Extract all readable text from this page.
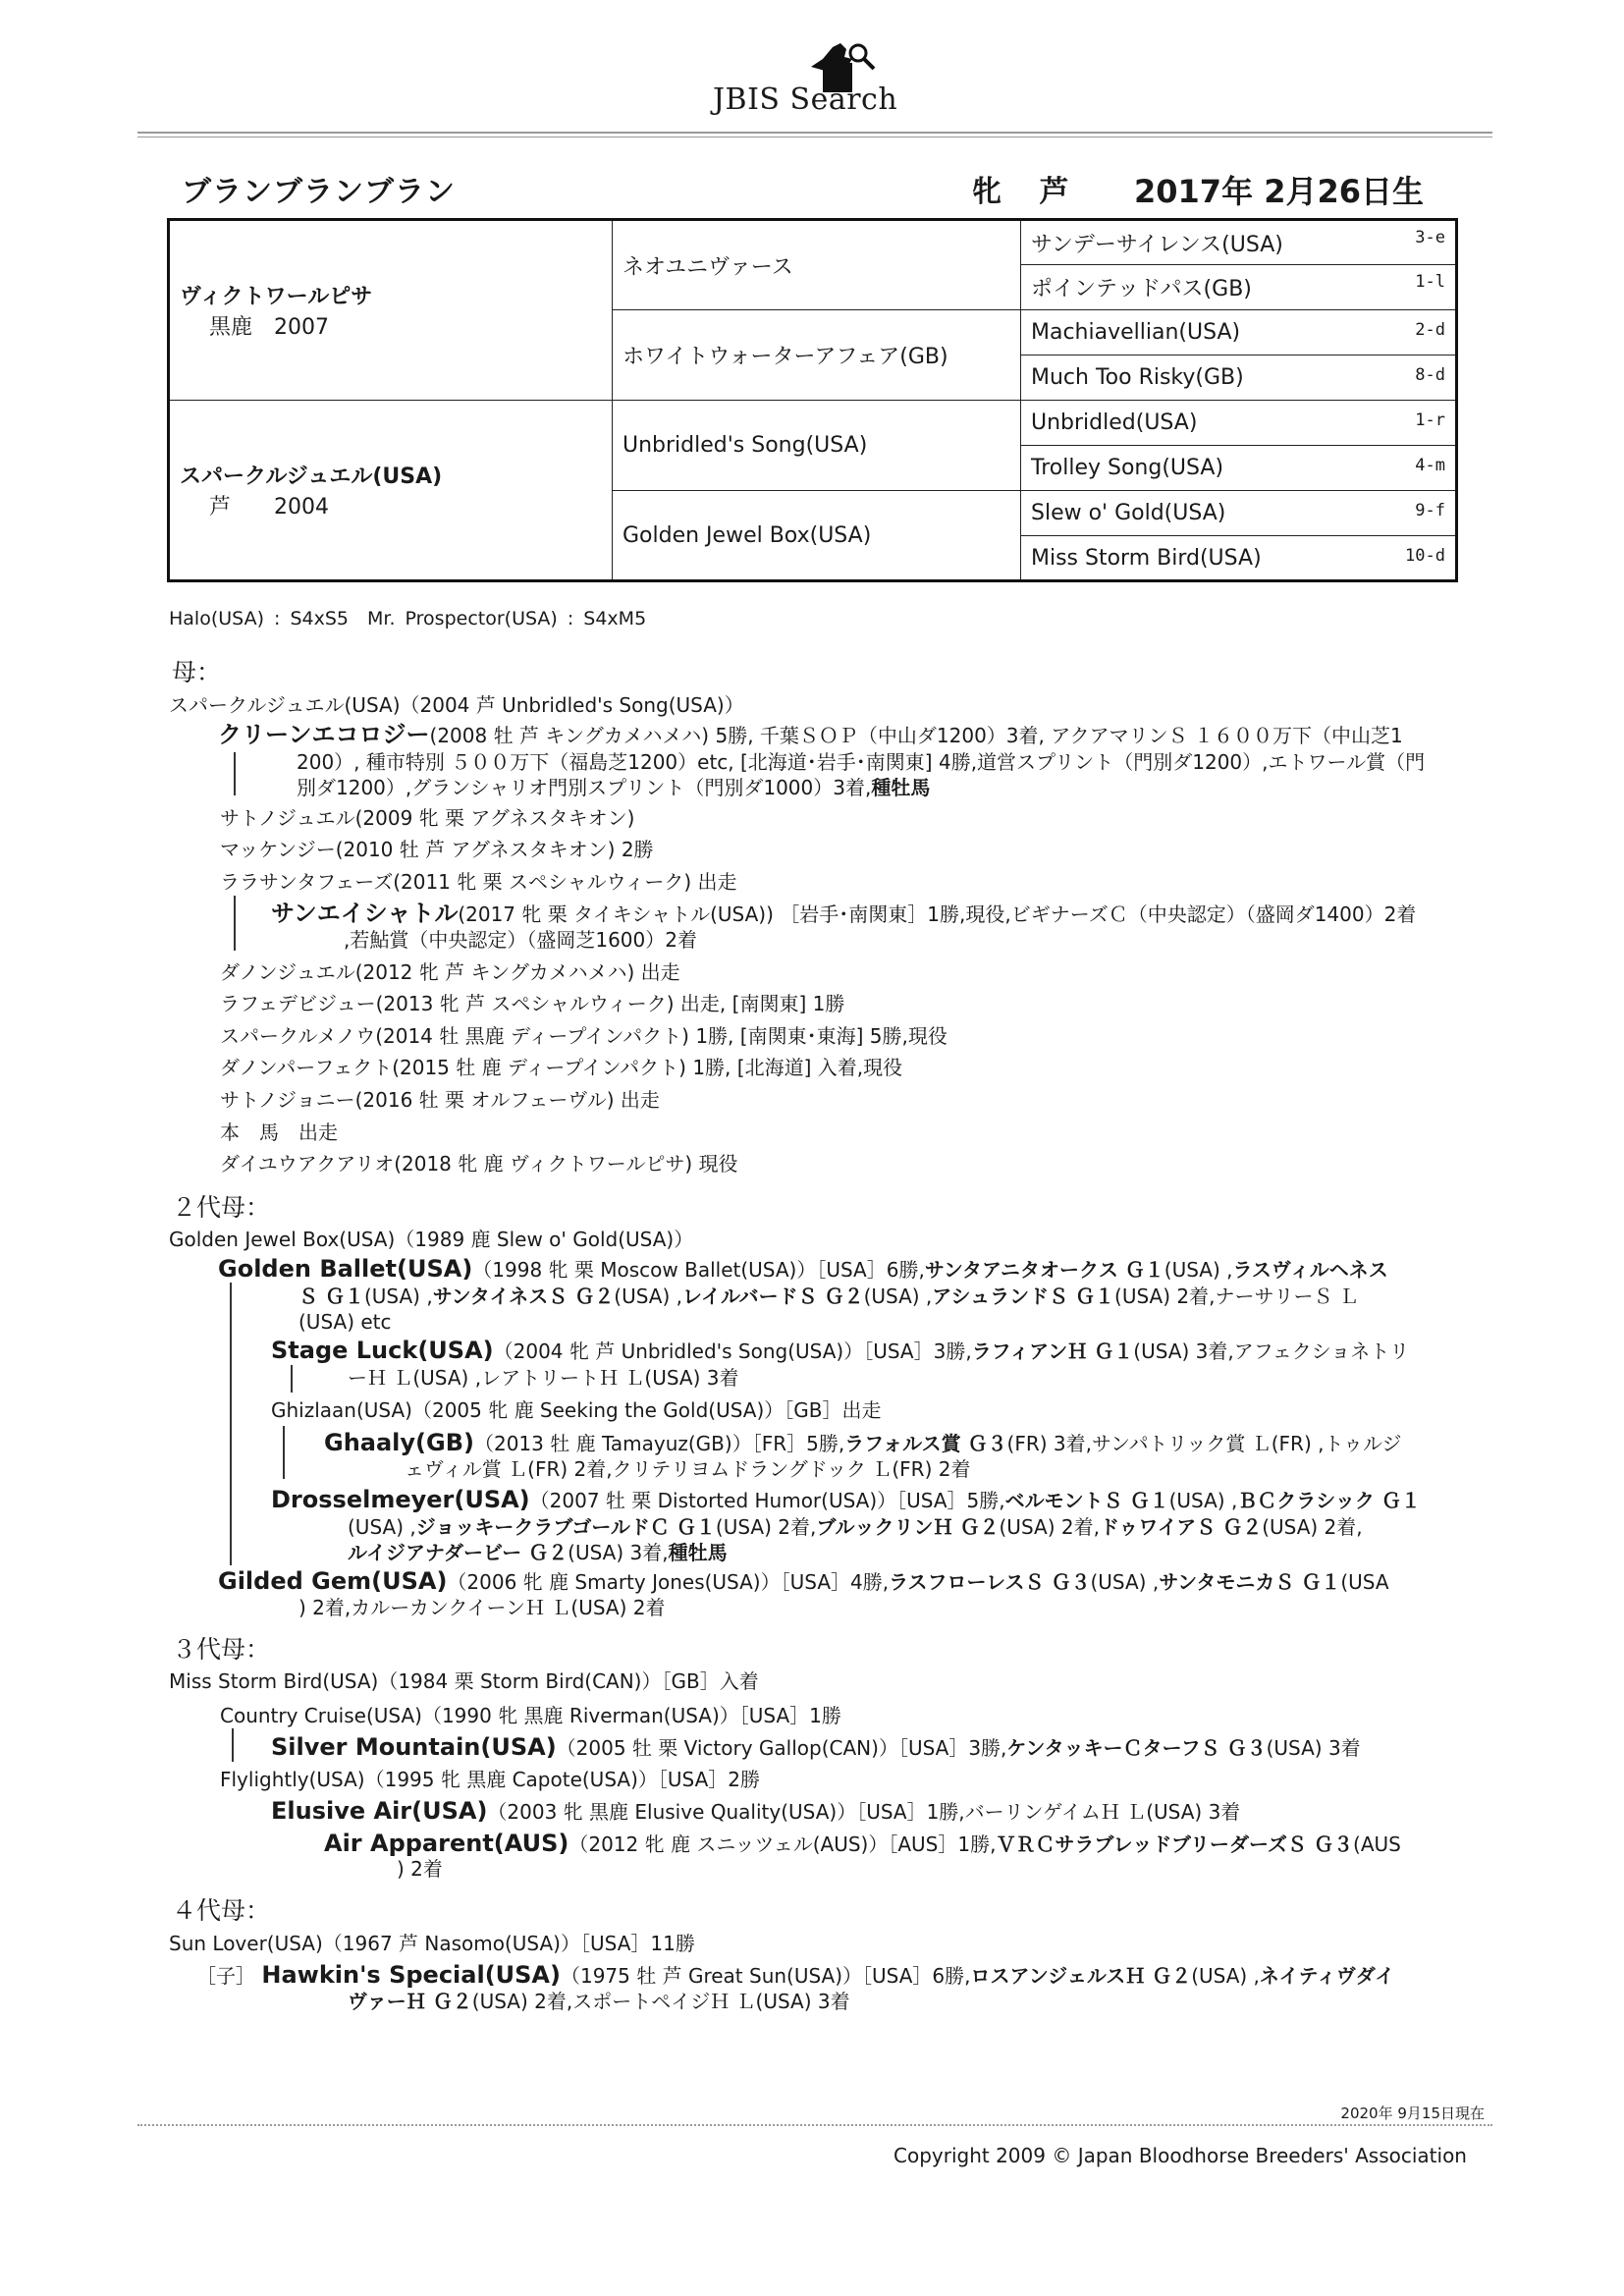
JBIS Search
ブランブランブラン	牝 芦 2017年 2月26日生
ヴィクトワールピサ
黒鹿　2007	ネオユニヴァース	サンデーサイレンス(USA) 3-e

		ポインテッドパス(GB) 1-l

	ホワイトウォーターアフェア(GB)	Machiavellian(USA) 2-d

		Much Too Risky(GB) 8-d

スパークルジュエル(USA)
芦　　2004	Unbridled's Song(USA)	Unbridled(USA) 1-r

		Trolley Song(USA) 4-m

	Golden Jewel Box(USA)	Slew o' Gold(USA) 9-f

		Miss Storm Bird(USA) 10-d
Halo(USA) : S4xS5　Mr. Prospector(USA) : S4xM5
母：
スパークルジュエル(USA)（2004 芦 Unbridled's Song(USA)）
クリーンエコロジー(2008 牡 芦 キングカメハメハ) 5勝, 千葉ＳＯＰ（中山ダ1200）3着, アクアマリンＳ １６００万下（中山芝1
200）, 種市特別 ５００万下（福島芝1200）etc, [北海道･岩手･南関東] 4勝,道営スプリント（門別ダ1200）,エトワール賞（門
別ダ1200）,グランシャリオ門別スプリント（門別ダ1000）3着,種牡馬
サトノジュエル(2009 牝 栗 アグネスタキオン)
マッケンジー(2010 牡 芦 アグネスタキオン) 2勝
ララサンタフェーズ(2011 牝 栗 スペシャルウィーク) 出走
サンエイシャトル(2017 牝 栗 タイキシャトル(USA)) ［岩手･南関東］1勝,現役,ビギナーズＣ（中央認定）（盛岡ダ1400）2着
,若鮎賞（中央認定）（盛岡芝1600）2着
ダノンジュエル(2012 牝 芦 キングカメハメハ) 出走
ラフェデビジュー(2013 牝 芦 スペシャルウィーク) 出走, [南関東] 1勝
スパークルメノウ(2014 牡 黒鹿 ディープインパクト) 1勝, [南関東･東海] 5勝,現役
ダノンパーフェクト(2015 牡 鹿 ディープインパクト) 1勝, [北海道] 入着,現役
サトノジョニー(2016 牡 栗 オルフェーヴル) 出走
本　馬　出走
ダイユウアクアリオ(2018 牝 鹿 ヴィクトワールピサ) 現役
２代母：
Golden Jewel Box(USA)（1989 鹿 Slew o' Gold(USA)）
Golden Ballet(USA)（1998 牝 栗 Moscow Ballet(USA)）［USA］6勝,サンタアニタオークス Ｇ１(USA) ,ラスヴィルヘネス
Ｓ Ｇ１(USA) ,サンタイネスＳ Ｇ２(USA) ,レイルバードＳ Ｇ２(USA) ,アシュランドＳ Ｇ１(USA) 2着,ナーサリーＳ Ｌ
(USA) etc
Stage Luck(USA)（2004 牝 芦 Unbridled's Song(USA)）［USA］3勝,ラフィアンＨ Ｇ１(USA) 3着,アフェクショネトリ
ーＨ Ｌ(USA) ,レアトリートＨ Ｌ(USA) 3着
Ghizlaan(USA)（2005 牝 鹿 Seeking the Gold(USA)）［GB］出走
Ghaaly(GB)（2013 牡 鹿 Tamayuz(GB)）［FR］5勝,ラフォルス賞 Ｇ３(FR) 3着,サンパトリック賞 Ｌ(FR) ,トゥルジ
ェヴィル賞 Ｌ(FR) 2着,クリテリヨムドラングドック Ｌ(FR) 2着
Drosselmeyer(USA)（2007 牡 栗 Distorted Humor(USA)）［USA］5勝,ベルモントＳ Ｇ１(USA) ,ＢＣクラシック Ｇ１
(USA) ,ジョッキークラブゴールドＣ Ｇ１(USA) 2着,ブルックリンＨ Ｇ２(USA) 2着,ドゥワイアＳ Ｇ２(USA) 2着,
ルイジアナダービー Ｇ２(USA) 3着,種牡馬
Gilded Gem(USA)（2006 牝 鹿 Smarty Jones(USA)）［USA］4勝,ラスフローレスＳ Ｇ３(USA) ,サンタモニカＳ Ｇ１(USA
) 2着,カルーカンクイーンＨ Ｌ(USA) 2着
３代母：
Miss Storm Bird(USA)（1984 栗 Storm Bird(CAN)）［GB］入着
Country Cruise(USA)（1990 牝 黒鹿 Riverman(USA)）［USA］1勝
Silver Mountain(USA)（2005 牡 栗 Victory Gallop(CAN)）［USA］3勝,ケンタッキーＣターフＳ Ｇ３(USA) 3着
Flylightly(USA)（1995 牝 黒鹿 Capote(USA)）［USA］2勝
Elusive Air(USA)（2003 牝 黒鹿 Elusive Quality(USA)）［USA］1勝,バーリンゲイムＨ Ｌ(USA) 3着
Air Apparent(AUS)（2012 牝 鹿 スニッツェル(AUS)）［AUS］1勝,ＶＲＣサラブレッドブリーダーズＳ Ｇ３(AUS
) 2着
４代母：
Sun Lover(USA)（1967 芦 Nasomo(USA)）［USA］11勝
［子］ Hawkin's Special(USA)（1975 牡 芦 Great Sun(USA)）［USA］6勝,ロスアンジェルスＨ Ｇ２(USA) ,ネイティヴダイ
ヴァーＨ Ｇ２(USA) 2着,スポートペイジＨ Ｌ(USA) 3着
2020年 9月15日現在
Copyright 2009 © Japan Bloodhorse Breeders' Association
